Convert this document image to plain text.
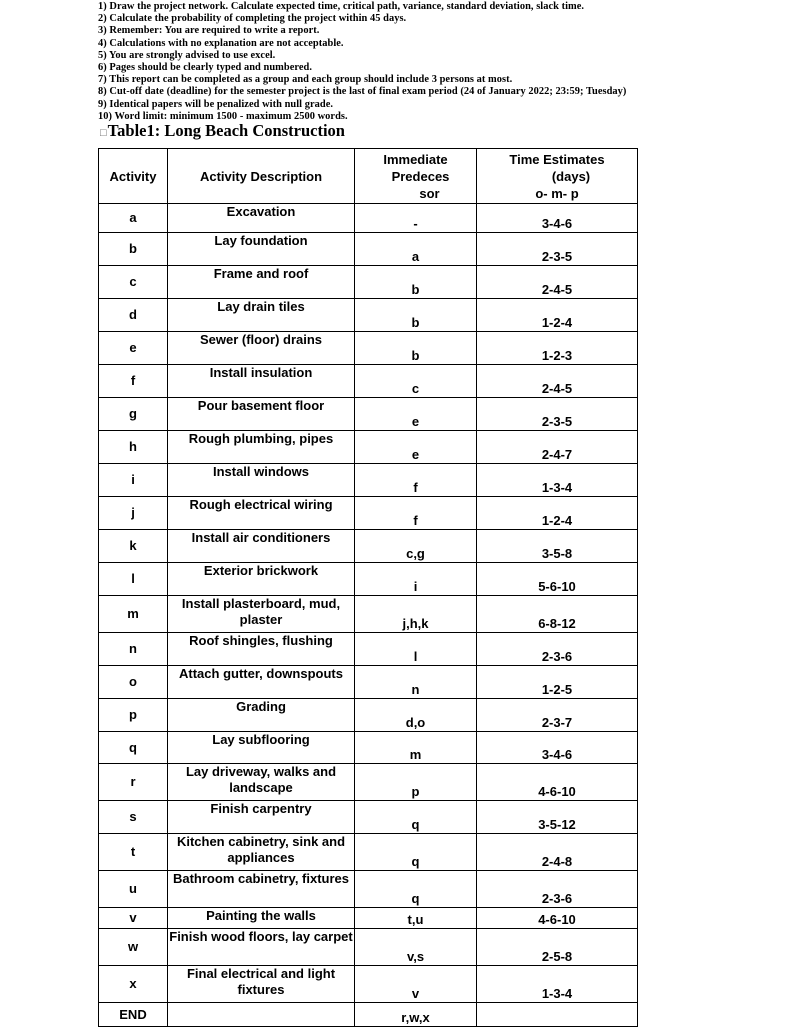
1) Draw the project network. Calculate expected time, critical path, variance, standard deviation, slack time.
2) Calculate the probability of completing the project within 45 days.
3) Remember: You are required to write a report.
4) Calculations with no explanation are not acceptable.
5) You are strongly advised to use excel.
6) Pages should be clearly typed and numbered.
7) This report can be completed as a group and each group should include 3 persons at most.
8) Cut-off date (deadline) for the semester project is the last of final exam period (24 of January 2022; 23:59; Tuesday)
9) Identical papers will be penalized with null grade.
10) Word limit: minimum 1500 - maximum 2500 words.
□Table1: Long Beach Construction
Activity	Activity Description	Immediate
Predeces
sor	Time Estimates
(days)
o- m- p

a	Excavation	-	3-4-6
b	Lay foundation	a	2-3-5
c	Frame and roof	b	2-4-5
d	Lay drain tiles	b	1-2-4
e	Sewer (floor) drains	b	1-2-3
f	Install insulation	c	2-4-5
g	Pour basement floor	e	2-3-5
h	Rough plumbing, pipes	e	2-4-7
i	Install windows	f	1-3-4
j	Rough electrical wiring	f	1-2-4
k	Install air conditioners	c,g	3-5-8
l	Exterior brickwork	i	5-6-10
m	Install plasterboard, mud, plaster	j,h,k	6-8-12
n	Roof shingles, flushing	l	2-3-6
o	Attach gutter, downspouts	n	1-2-5
p	Grading	d,o	2-3-7
q	Lay subflooring	m	3-4-6
r	Lay driveway, walks and landscape	p	4-6-10
s	Finish carpentry	q	3-5-12
t	Kitchen cabinetry, sink and appliances	q	2-4-8
u	Bathroom cabinetry, fixtures	q	2-3-6
v	Painting the walls	t,u	4-6-10
w	Finish wood floors, lay carpet	v,s	2-5-8
x	Final electrical and light fixtures	v	1-3-4
END		r,w,x	
